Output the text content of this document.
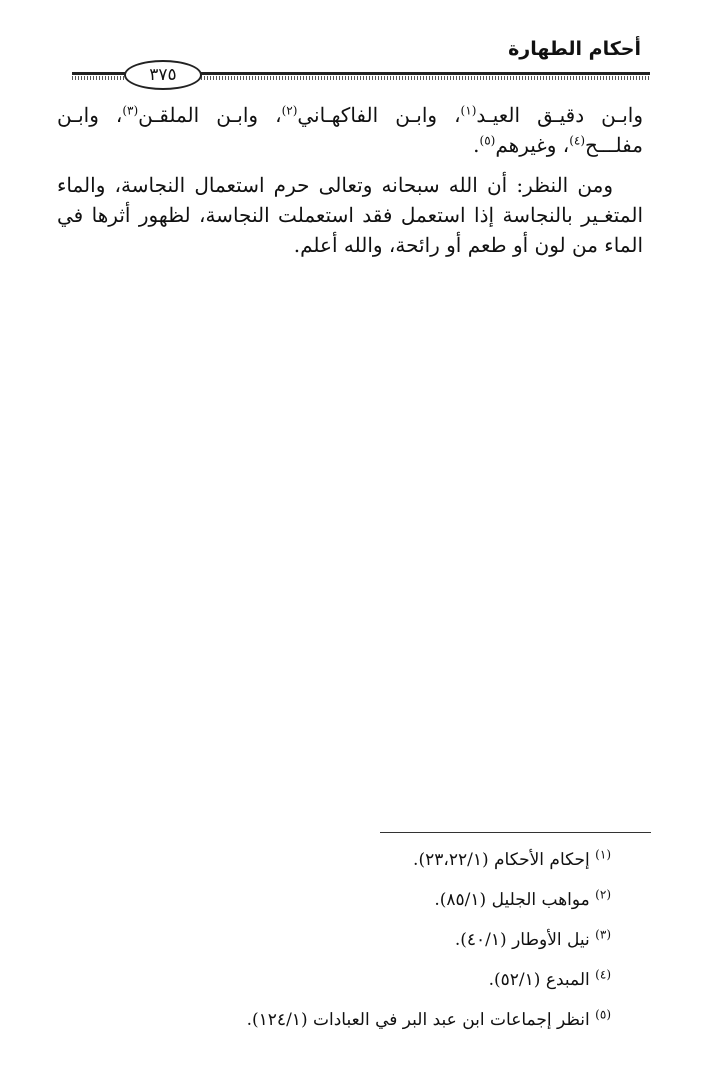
أحكام الطهارة
٣٧٥

وابـن دقيـق العيـد$^{(١)}$، وابـن الفاكهـاني$^{(٢)}$، وابـن الملقـن$^{(٣)}$، وابـن مفلـــح$^{(٤)}$، وغيرهم$^{(٥)}$.

ومن النظر: أن الله سبحانه وتعالى حرم استعمال النجاسة، والماء المتغـير بالنجاسة إذا استعمل فقد استعملت النجاسة، لظهور أثرها في الماء من لون أو طعم أو رائحة، والله أعلم.

$^{(١)}$ إحكام الأحكام (٢٣،٢٢/١).
$^{(٢)}$ مواهب الجليل (٨٥/١).
$^{(٣)}$ نيل الأوطار (٤٠/١).
$^{(٤)}$ المبدع (٥٢/١).
$^{(٥)}$ انظر إجماعات ابن عبد البر في العبادات (١٢٤/١).
